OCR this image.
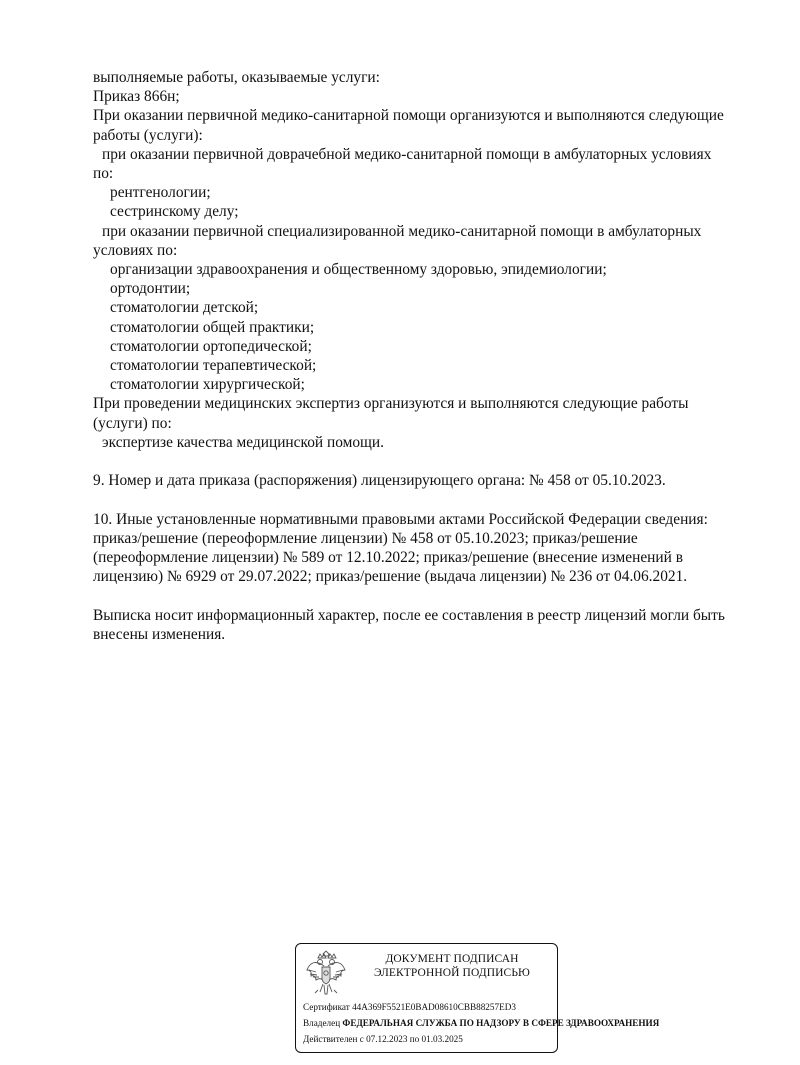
выполняемые работы, оказываемые услуги:
Приказ 866н;
При оказании первичной медико-санитарной помощи организуются и выполняются следующие
работы (услуги):
при оказании первичной доврачебной медико-санитарной помощи в амбулаторных условиях
по:
рентгенологии;
сестринскому делу;
при оказании первичной специализированной медико-санитарной помощи в амбулаторных
условиях по:
организации здравоохранения и общественному здоровью, эпидемиологии;
ортодонтии;
стоматологии детской;
стоматологии общей практики;
стоматологии ортопедической;
стоматологии терапевтической;
стоматологии хирургической;
При проведении медицинских экспертиз организуются и выполняются следующие работы
(услуги) по:
экспертизе качества медицинской помощи.
9. Номер и дата приказа (распоряжения) лицензирующего органа: № 458 от 05.10.2023.
10. Иные установленные нормативными правовыми актами Российской Федерации сведения:
приказ/решение (переоформление лицензии) № 458 от 05.10.2023; приказ/решение
(переоформление лицензии) № 589 от 12.10.2022; приказ/решение (внесение изменений в
лицензию) № 6929 от 29.07.2022; приказ/решение (выдача лицензии) № 236 от 04.06.2021.
Выписка носит информационный характер, после ее составления в реестр лицензий могли быть
внесены изменения.
ДОКУМЕНТ ПОДПИСАН
ЭЛЕКТРОННОЙ ПОДПИСЬЮ
Сертификат 44A369F5521E0BAD08610CBB88257ED3
Владелец ФЕДЕРАЛЬНАЯ СЛУЖБА ПО НАДЗОРУ В СФЕРЕ ЗДРАВООХРАНЕНИЯ
Действителен с 07.12.2023 по 01.03.2025
